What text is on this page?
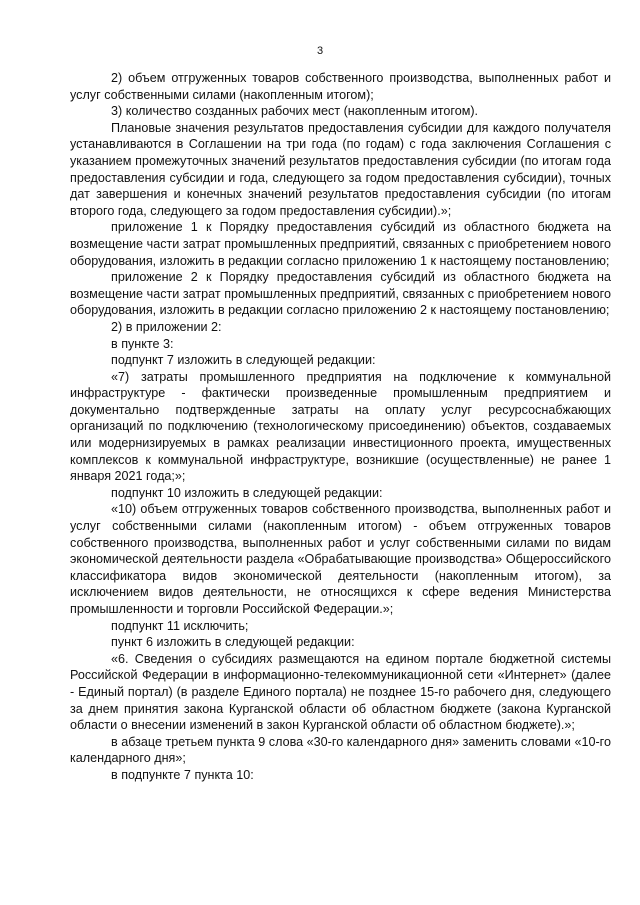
3

2) объем отгруженных товаров собственного производства, выполненных работ и услуг собственными силами (накопленным итогом);

3) количество созданных рабочих мест (накопленным итогом).

Плановые значения результатов предоставления субсидии для каждого получателя устанавливаются в Соглашении на три года (по годам) с года заключения Соглашения с указанием промежуточных значений результатов предоставления субсидии (по итогам года предоставления субсидии и года, следующего за годом предоставления субсидии), точных дат завершения и конечных значений результатов предоставления субсидии (по итогам второго года, следующего за годом предоставления субсидии).»;

приложение 1 к Порядку предоставления субсидий из областного бюджета на возмещение части затрат промышленных предприятий, связанных с приобретением нового оборудования, изложить в редакции согласно приложению 1 к настоящему постановлению;

приложение 2 к Порядку предоставления субсидий из областного бюджета на возмещение части затрат промышленных предприятий, связанных с приобретением нового оборудования, изложить в редакции согласно приложению 2 к настоящему постановлению;

2) в приложении 2:

в пункте 3:

подпункт 7 изложить в следующей редакции:

«7) затраты промышленного предприятия на подключение к коммунальной инфраструктуре - фактически произведенные промышленным предприятием и документально подтвержденные затраты на оплату услуг ресурсоснабжающих организаций по подключению (технологическому присоединению) объектов, создаваемых или модернизируемых в рамках реализации инвестиционного проекта, имущественных комплексов к коммунальной инфраструктуре, возникшие (осуществленные) не ранее 1 января 2021 года;»;

подпункт 10 изложить в следующей редакции:

«10) объем отгруженных товаров собственного производства, выполненных работ и услуг собственными силами (накопленным итогом) - объем отгруженных товаров собственного производства, выполненных работ и услуг собственными силами по видам экономической деятельности раздела «Обрабатывающие производства» Общероссийского классификатора видов экономической деятельности (накопленным итогом), за исключением видов деятельности, не относящихся к сфере ведения Министерства промышленности и торговли Российской Федерации.»;

подпункт 11 исключить;

пункт 6 изложить в следующей редакции:

«6. Сведения о субсидиях размещаются на едином портале бюджетной системы Российской Федерации в информационно-телекоммуникационной сети «Интернет» (далее - Единый портал) (в разделе Единого портала) не позднее 15-го рабочего дня, следующего за днем принятия закона Курганской области об областном бюджете (закона Курганской области о внесении изменений в закон Курганской области об областном бюджете).»;

в абзаце третьем пункта 9 слова «30-го календарного дня» заменить словами «10-го календарного дня»;

в подпункте 7 пункта 10:
